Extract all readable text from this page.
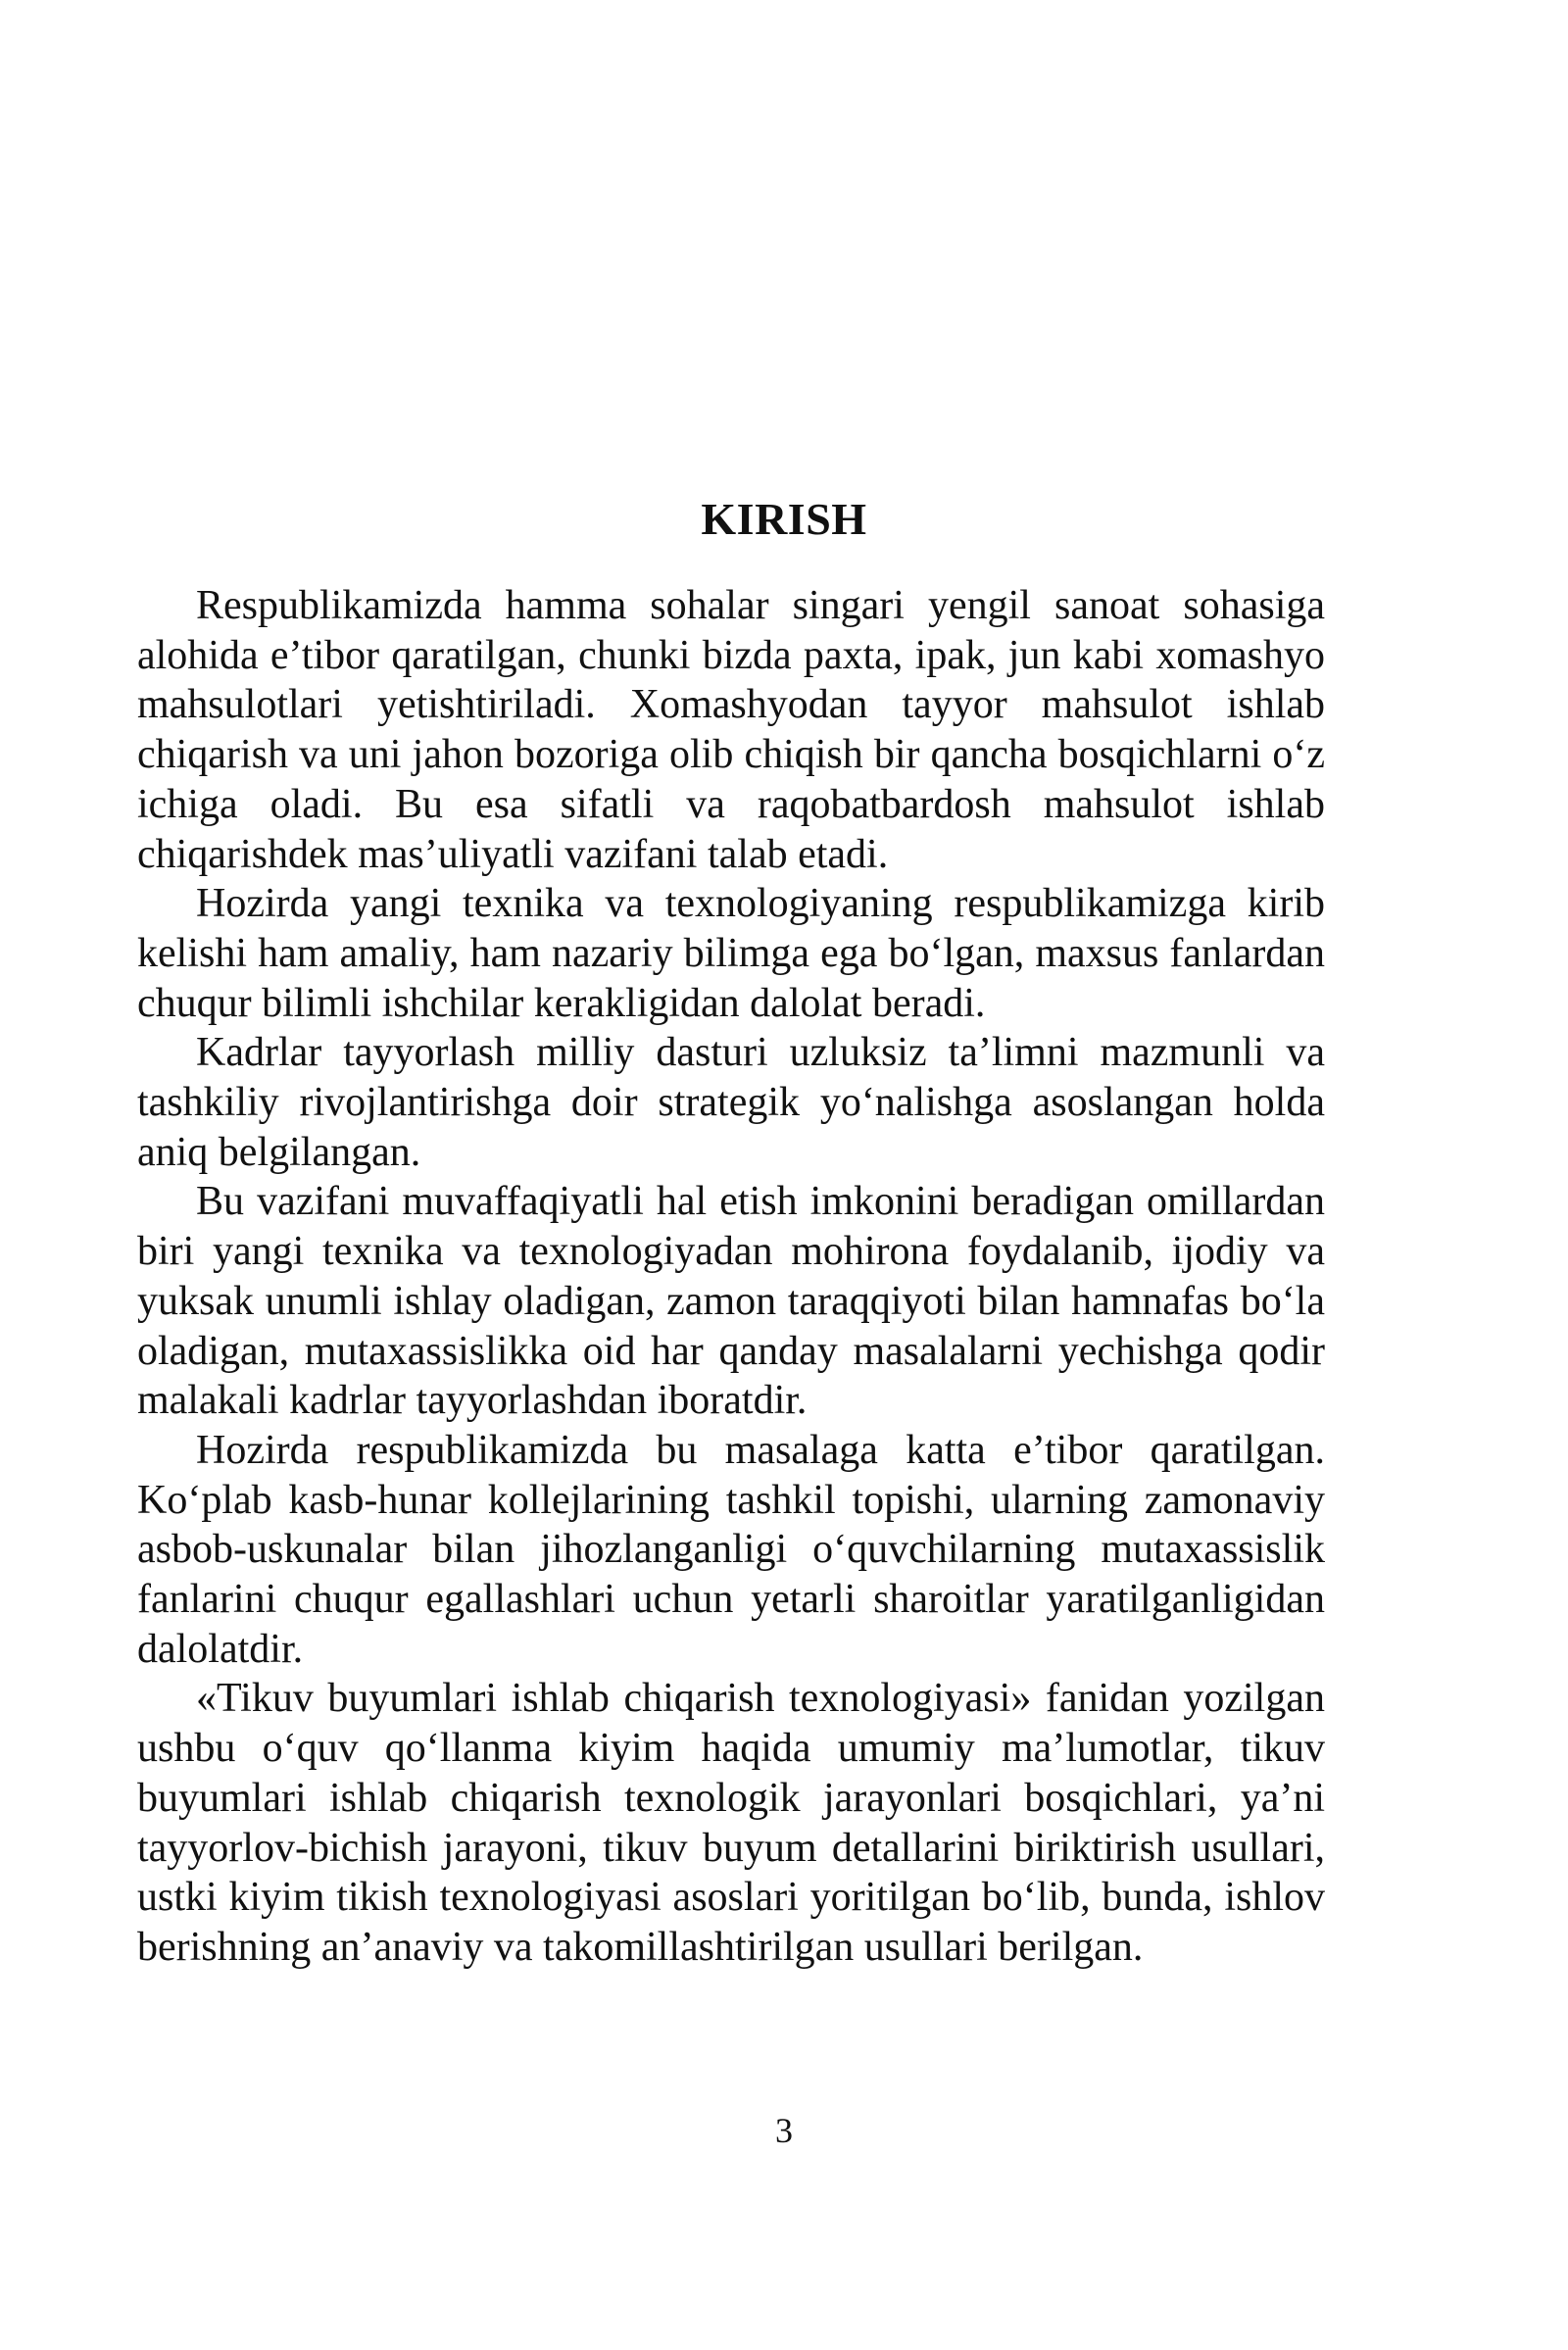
KIRISH

Respublikamizda hamma sohalar singari yengil sanoat sohasiga alohida e’tibor qaratilgan, chunki bizda paxta, ipak, jun kabi xomashyo mahsulotlari yetishtiriladi. Xomashyodan tayyor mahsulot ishlab chiqarish va uni jahon bozoriga olib chiqish bir qancha bosqichlarni o‘z ichiga oladi. Bu esa sifatli va raqobatbardosh mahsulot ishlab chiqarishdek mas’uliyatli vazifani talab etadi.

Hozirda yangi texnika va texnologiyaning respublikamizga kirib kelishi ham amaliy, ham nazariy bilimga ega bo‘lgan, maxsus fanlardan chuqur bilimli ishchilar kerakligidan dalolat beradi.

Kadrlar tayyorlash milliy dasturi uzluksiz ta’limni mazmunli va tashkiliy rivojlantirishga doir strategik yo‘nalishga asoslangan holda aniq belgilangan.

Bu vazifani muvaffaqiyatli hal etish imkonini beradigan omillardan biri yangi texnika va texnologiyadan mohirona foydalanib, ijodiy va yuksak unumli ishlay oladigan, zamon taraqqiyoti bilan hamnafas bo‘la oladigan, mutaxassislikka oid har qanday masalalarni yechishga qodir malakali kadrlar tayyorlashdan iboratdir.

Hozirda respublikamizda bu masalaga katta e’tibor qaratilgan. Ko‘plab kasb-hunar kollejlarining tashkil topishi, ularning zamonaviy asbob-uskunalar bilan jihozlanganligi o‘quvchilarning mutaxassislik fanlarini chuqur egallashlari uchun yetarli sharoitlar yaratilganligidan dalolatdir.

«Tikuv buyumlari ishlab chiqarish texnologiyasi» fanidan yozilgan ushbu o‘quv qo‘llanma kiyim haqida umumiy ma’lumotlar, tikuv buyumlari ishlab chiqarish texnologik jarayonlari bosqichlari, ya’ni tayyorlov-bichish jarayoni, tikuv buyum detallarini biriktirish usullari, ustki kiyim tikish texnologiyasi asoslari yoritilgan bo‘lib, bunda, ishlov berishning an’anaviy va takomillashtirilgan usullari berilgan.

3
